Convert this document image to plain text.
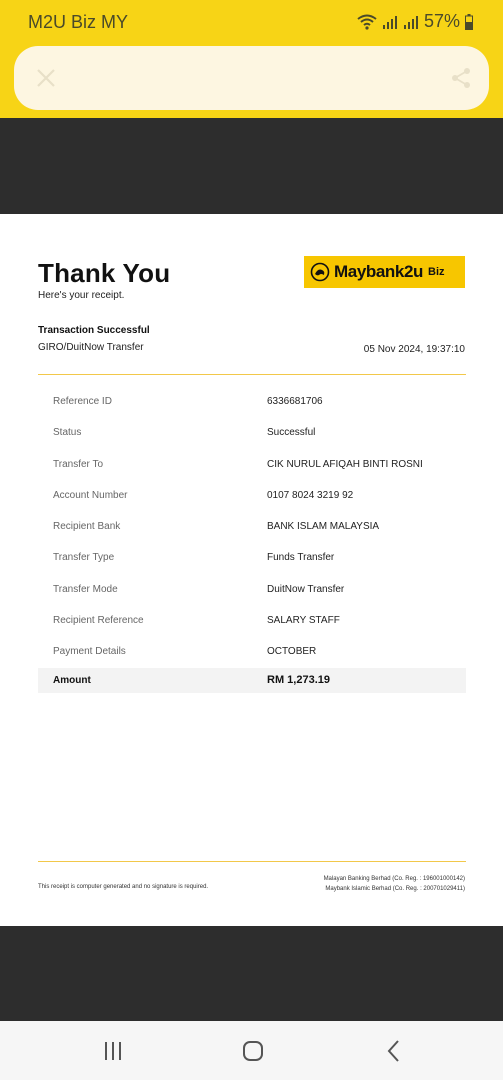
M2U Biz MY	57%
Thank You
Here's your receipt.
Maybank2u Biz
Transaction Successful
GIRO/DuitNow Transfer	05 Nov 2024, 19:37:10
Reference ID	6336681706
Status	Successful
Transfer To	CIK NURUL AFIQAH BINTI ROSNI
Account Number	0107 8024 3219 92
Recipient Bank	BANK ISLAM MALAYSIA
Transfer Type	Funds Transfer
Transfer Mode	DuitNow Transfer
Recipient Reference	SALARY STAFF
Payment Details	OCTOBER
Amount	RM 1,273.19
This receipt is computer generated and no signature is required.
Malayan Banking Berhad (Co. Reg. : 196001000142)
Maybank Islamic Berhad (Co. Reg. : 200701029411)
